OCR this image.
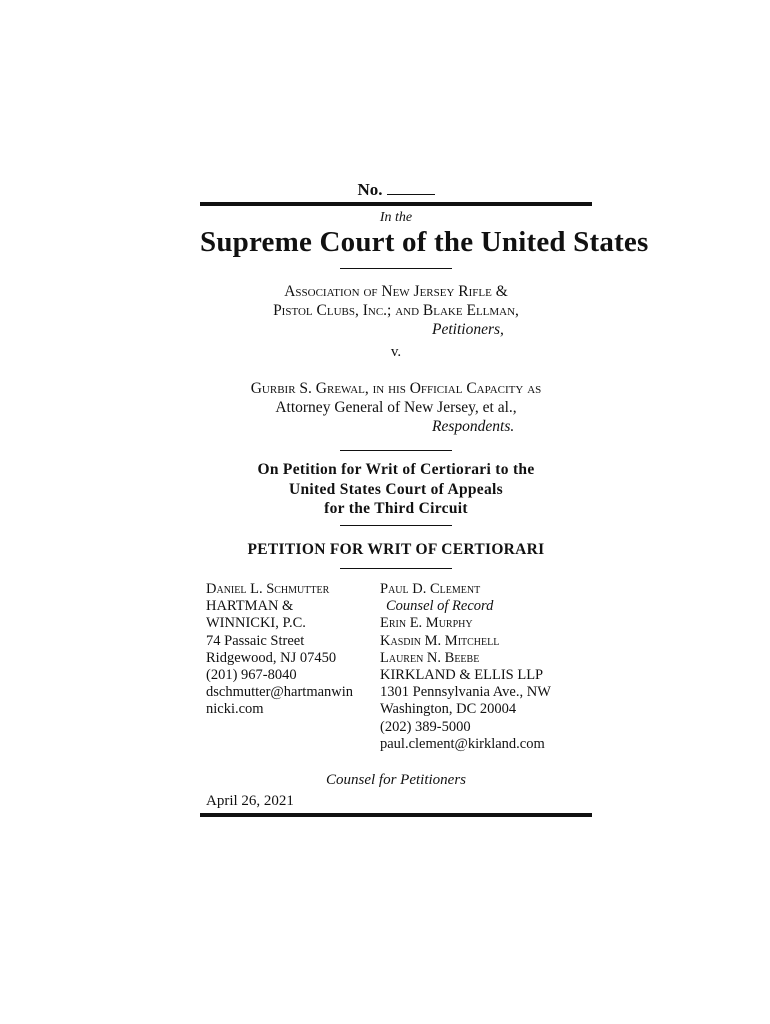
No.
In the
Supreme Court of the United States
Association of New Jersey Rifle &
Pistol Clubs, Inc.; and Blake Ellman,
Petitioners,
v.
Gurbir S. Grewal, in his Official Capacity as
Attorney General of New Jersey, et al.,
Respondents.
On Petition for Writ of Certiorari to the
United States Court of Appeals
for the Third Circuit
PETITION FOR WRIT OF CERTIORARI
Daniel L. Schmutter
HARTMAN &
WINNICKI, P.C.
74 Passaic Street
Ridgewood, NJ 07450
(201) 967-8040
dschmutter@hartmanwin
nicki.com
Paul D. Clement
Counsel of Record
Erin E. Murphy
Kasdin M. Mitchell
Lauren N. Beebe
KIRKLAND & ELLIS LLP
1301 Pennsylvania Ave., NW
Washington, DC 20004
(202) 389-5000
paul.clement@kirkland.com
Counsel for Petitioners
April 26, 2021
